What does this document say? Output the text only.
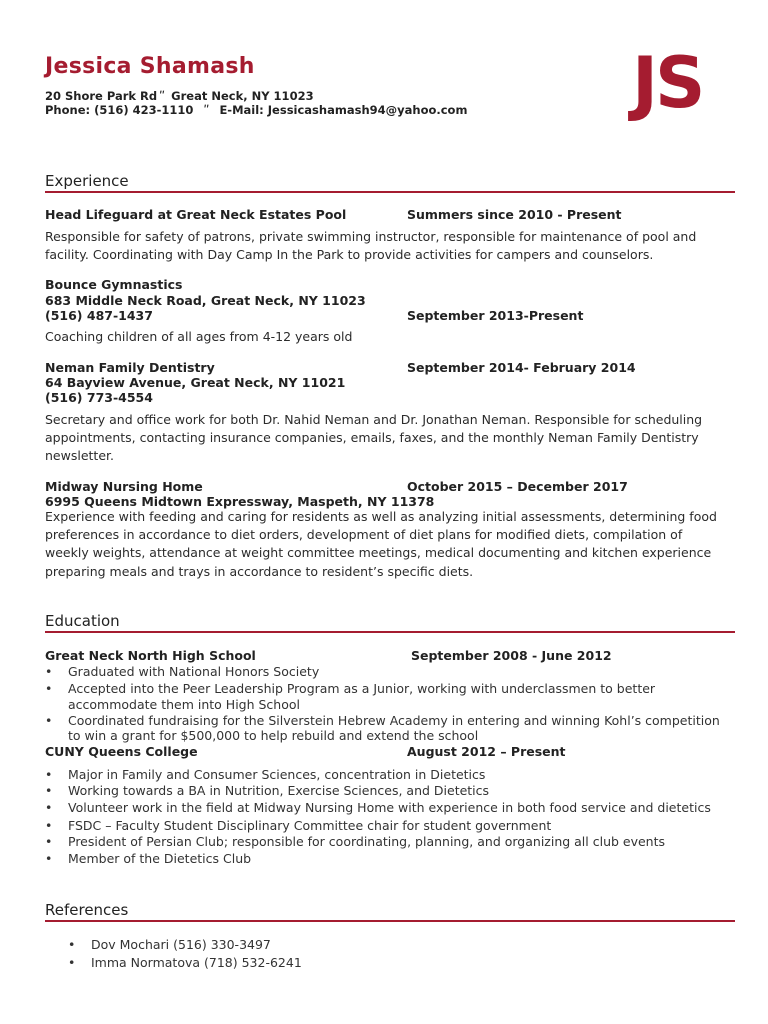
Jessica Shamash
20 Shore Park Rd ʺ Great Neck, NY 11023
Phone: (516) 423-1110 ʺ E-Mail: Jessicashamash94@yahoo.com JS
Experience
Head Lifeguard at Great Neck Estates Pool	Summers since 2010 - Present
Responsible for safety of patrons, private swimming instructor, responsible for maintenance of pool and
facility. Coordinating with Day Camp In the Park to provide activities for campers and counselors.
Bounce Gymnastics
683 Middle Neck Road, Great Neck, NY 11023
(516) 487-1437	September 2013-Present
Coaching children of all ages from 4-12 years old
Neman Family Dentistry	September 2014- February 2014
64 Bayview Avenue, Great Neck, NY 11021
(516) 773-4554
Secretary and office work for both Dr. Nahid Neman and Dr. Jonathan Neman. Responsible for scheduling
appointments, contacting insurance companies, emails, faxes, and the monthly Neman Family Dentistry
newsletter.
Midway Nursing Home	October 2015 – December 2017
6995 Queens Midtown Expressway, Maspeth, NY 11378
Experience with feeding and caring for residents as well as analyzing initial assessments, determining food
preferences in accordance to diet orders, development of diet plans for modified diets, compilation of
weekly weights, attendance at weight committee meetings, medical documenting and kitchen experience
preparing meals and trays in accordance to resident’s specific diets.
Education
Great Neck North High School	September 2008 - June 2012
• Graduated with National Honors Society
• Accepted into the Peer Leadership Program as a Junior, working with underclassmen to better
accommodate them into High School
• Coordinated fundraising for the Silverstein Hebrew Academy in entering and winning Kohl’s competition
to win a grant for $500,000 to help rebuild and extend the school
CUNY Queens College	August 2012 – Present
• Major in Family and Consumer Sciences, concentration in Dietetics
• Working towards a BA in Nutrition, Exercise Sciences, and Dietetics
• Volunteer work in the field at Midway Nursing Home with experience in both food service and dietetics
• FSDC – Faculty Student Disciplinary Committee chair for student government
• President of Persian Club; responsible for coordinating, planning, and organizing all club events
• Member of the Dietetics Club
References
• Dov Mochari (516) 330-3497
• Imma Normatova (718) 532-6241
